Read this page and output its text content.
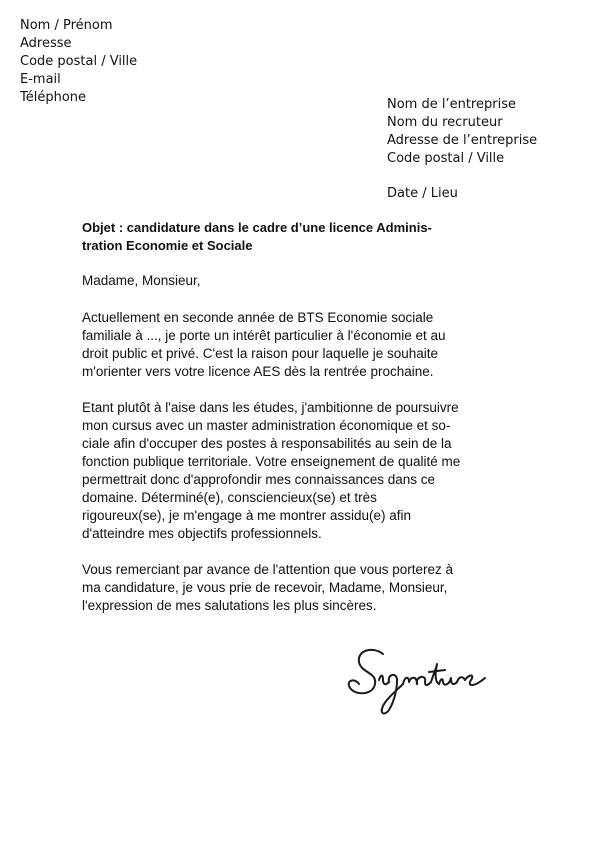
Nom / Prénom
Adresse
Code postal / Ville
E-mail
Téléphone	Nom de l’entreprise
Nom du recruteur
Adresse de l’entreprise
Code postal / Ville
Date / Lieu
Objet : candidature dans le cadre d’une licence Adminis-
tration Economie et Sociale
Madame, Monsieur,
Actuellement en seconde année de BTS Economie sociale
familiale à ..., je porte un intérêt particulier à l'économie et au
droit public et privé. C'est la raison pour laquelle je souhaite
m'orienter vers votre licence AES dès la rentrée prochaine.
Etant plutôt à l'aise dans les études, j'ambitionne de poursuivre
mon cursus avec un master administration économique et so-
ciale afin d'occuper des postes à responsabilités au sein de la
fonction publique territoriale. Votre enseignement de qualité me
permettrait donc d'approfondir mes connaissances dans ce
domaine. Déterminé(e), consciencieux(se) et très
rigoureux(se), je m'engage à me montrer assidu(e) afin
d'atteindre mes objectifs professionnels.
Vous remerciant par avance de l'attention que vous porterez à
ma candidature, je vous prie de recevoir, Madame, Monsieur,
l'expression de mes salutations les plus sincères.
